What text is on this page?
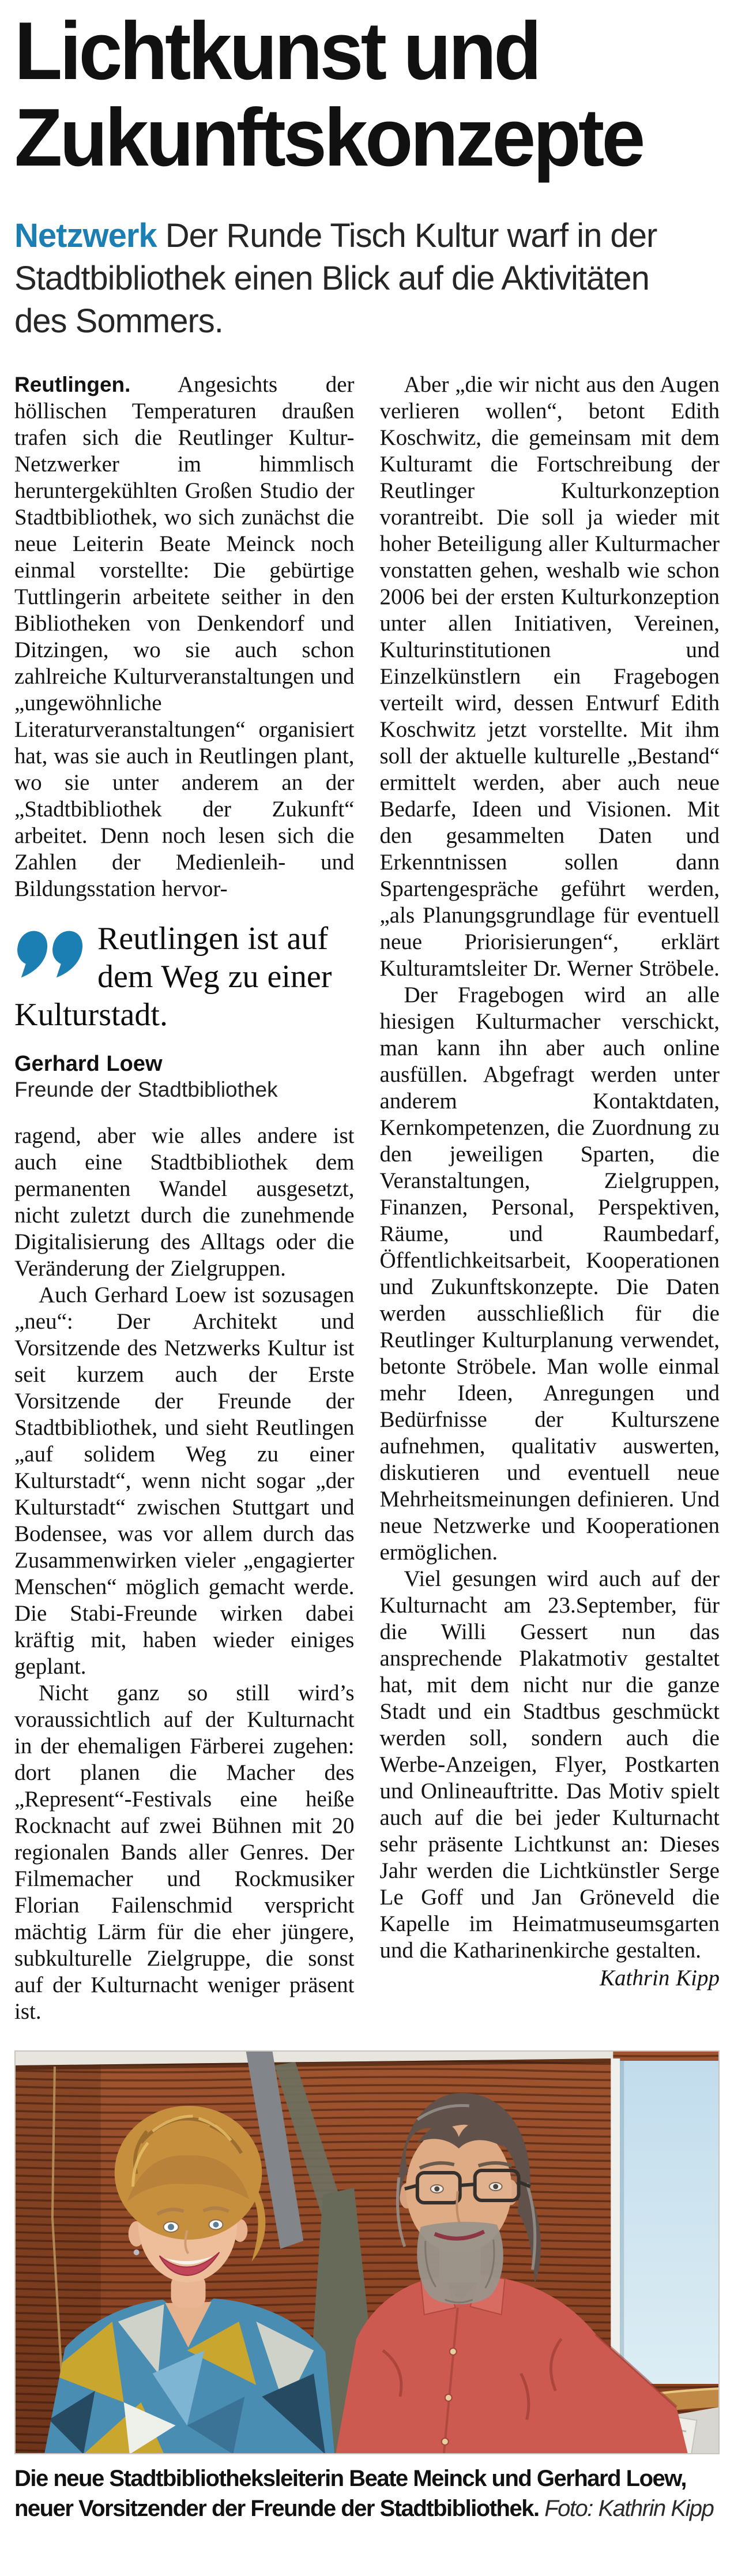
Lichtkunst und
Zukunftskonzepte
Netzwerk Der Runde Tisch Kultur warf in der Stadtbibliothek einen Blick auf die Aktivitäten des Sommers.

Reutlingen. Angesichts der höllischen Temperaturen draußen trafen sich die Reutlinger Kultur-Netzwerker im himmlisch heruntergekühlten Großen Studio der Stadtbibliothek, wo sich zunächst die neue Leiterin Beate Meinck noch einmal vorstellte: Die gebürtige Tuttlingerin arbeitete seither in den Bibliotheken von Denkendorf und Ditzingen, wo sie auch schon zahlreiche Kulturveranstaltungen und „ungewöhnliche Literaturveranstaltungen“ organisiert hat, was sie auch in Reutlingen plant, wo sie unter anderem an der „Stadtbibliothek der Zukunft“ arbeitet. Denn noch lesen sich die Zahlen der Medienleih- und Bildungsstation hervor-

Reutlingen ist auf dem Weg zu einer Kulturstadt.
Gerhard Loew
Freunde der Stadtbibliothek

ragend, aber wie alles andere ist auch eine Stadtbibliothek dem permanenten Wandel ausgesetzt, nicht zuletzt durch die zunehmende Digitalisierung des Alltags oder die Veränderung der Zielgruppen.

Auch Gerhard Loew ist sozusagen „neu“: Der Architekt und Vorsitzende des Netzwerks Kultur ist seit kurzem auch der Erste Vorsitzende der Freunde der Stadtbibliothek, und sieht Reutlingen „auf solidem Weg zu einer Kulturstadt“, wenn nicht sogar „der Kulturstadt“ zwischen Stuttgart und Bodensee, was vor allem durch das Zusammenwirken vieler „engagierter Menschen“ möglich gemacht werde. Die Stabi-Freunde wirken dabei kräftig mit, haben wieder einiges geplant.

Nicht ganz so still wird’s voraussichtlich auf der Kulturnacht in der ehemaligen Färberei zugehen: dort planen die Macher des „Represent“-Festivals eine heiße Rocknacht auf zwei Bühnen mit 20 regionalen Bands aller Genres. Der Filmemacher und Rockmusiker Florian Failenschmid verspricht mächtig Lärm für die eher jüngere, subkulturelle Zielgruppe, die sonst auf der Kulturnacht weniger präsent ist.

Aber „die wir nicht aus den Augen verlieren wollen“, betont Edith Koschwitz, die gemeinsam mit dem Kulturamt die Fortschreibung der Reutlinger Kulturkonzeption vorantreibt. Die soll ja wieder mit hoher Beteiligung aller Kulturmacher vonstatten gehen, weshalb wie schon 2006 bei der ersten Kulturkonzeption unter allen Initiativen, Vereinen, Kulturinstitutionen und Einzelkünstlern ein Fragebogen verteilt wird, dessen Entwurf Edith Koschwitz jetzt vorstellte. Mit ihm soll der aktuelle kulturelle „Bestand“ ermittelt werden, aber auch neue Bedarfe, Ideen und Visionen. Mit den gesammelten Daten und Erkenntnissen sollen dann Spartengespräche geführt werden, „als Planungsgrundlage für eventuell neue Priorisierungen“, erklärt Kulturamtsleiter Dr. Werner Ströbele.

Der Fragebogen wird an alle hiesigen Kulturmacher verschickt, man kann ihn aber auch online ausfüllen. Abgefragt werden unter anderem Kontaktdaten, Kernkompetenzen, die Zuordnung zu den jeweiligen Sparten, die Veranstaltungen, Zielgruppen, Finanzen, Personal, Perspektiven, Räume, und Raumbedarf, Öffentlichkeitsarbeit, Kooperationen und Zukunftskonzepte. Die Daten werden ausschließlich für die Reutlinger Kulturplanung verwendet, betonte Ströbele. Man wolle einmal mehr Ideen, Anregungen und Bedürfnisse der Kulturszene aufnehmen, qualitativ auswerten, diskutieren und eventuell neue Mehrheitsmeinungen definieren. Und neue Netzwerke und Kooperationen ermöglichen.

Viel gesungen wird auch auf der Kulturnacht am 23.September, für die Willi Gessert nun das ansprechende Plakatmotiv gestaltet hat, mit dem nicht nur die ganze Stadt und ein Stadtbus geschmückt werden soll, sondern auch die Werbe-Anzeigen, Flyer, Postkarten und Onlineauftritte. Das Motiv spielt auch auf die bei jeder Kulturnacht sehr präsente Lichtkunst an: Dieses Jahr werden die Lichtkünstler Serge Le Goff und Jan Gröneveld die Kapelle im Heimatmuseumsgarten und die Katharinenkirche gestalten.

Kathrin Kipp

Die neue Stadtbibliotheksleiterin Beate Meinck und Gerhard Loew, neuer Vorsitzender der Freunde der Stadtbibliothek. Foto: Kathrin Kipp
